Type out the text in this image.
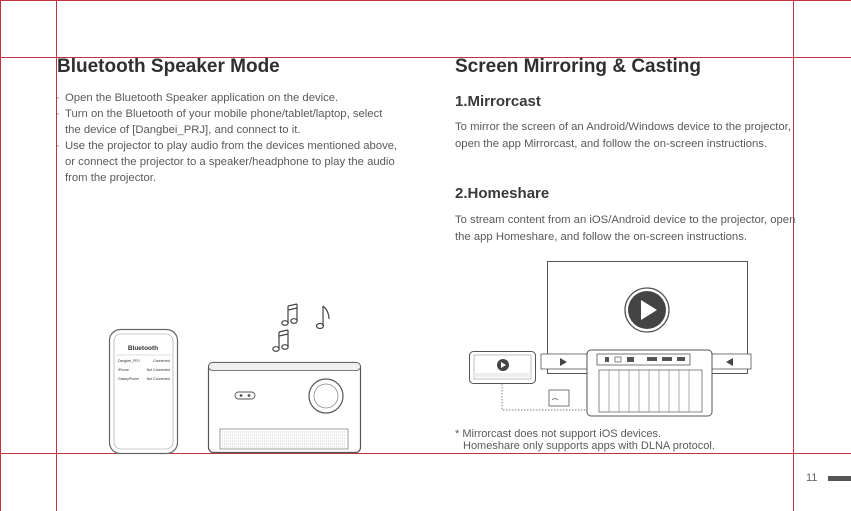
Bluetooth Speaker Mode
· Open the Bluetooth Speaker application on the device.
· Turn on the Bluetooth of your mobile phone/tablet/laptop, select the device of [Dangbei_PRJ], and connect to it.
· Use the projector to play audio from the devices mentioned above, or connect the projector to a speaker/headphone to play the audio from the projector.
Bluetooth
Dangbei_PRJ	Connected
iPhone	Not Connected
GalaxyPhone Not Connected
Screen Mirroring & Casting
1.Mirrorcast
To mirror the screen of an Android/Windows device to the projector, open the app Mirrorcast, and follow the on-screen instructions.
2.Homeshare
To stream content from an iOS/Android device to the projector, open the app Homeshare, and follow the on-screen instructions.
* Mirrorcast does not support iOS devices.
Homeshare only supports apps with DLNA protocol.
11
